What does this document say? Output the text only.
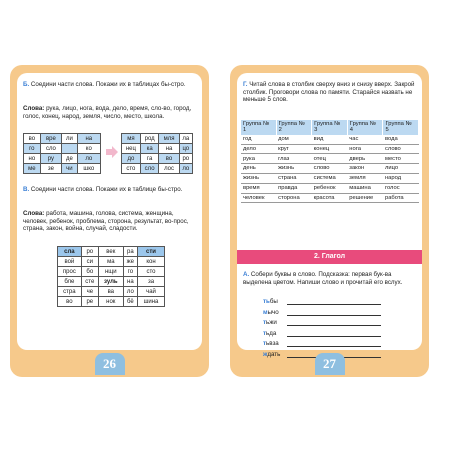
Б. Соедини части слова. Покажи их в таблицах бы-стро.
Слова: рука, лицо, нога, вода, дело, время, сло-во, город, голос, конец, народ, земля, число, место, школа.
во	вре	ли	на
го	сло		ко
но	ру	де	ло
ме	зе	чи	шко
мя	род	мля	ла
нец	ка	на	цо
до	га	во	ро
сто	сло	лос	ло
В. Соедини части слова. Покажи их в таблице бы-стро.
Слова: работа, машина, голова, система, женщина, человек, ребенок, проблема, сторона, результат, во-прос, страна, закон, война, случай, сладости.
сла	ро	век	ра	сти
вой	си	ма	же	кон
прос	бо	нщи	го	сто
бле	сте	зуль	на	за
стра	че	ва	ло	чай
во	ре	нок	бё	шина
26
Г. Читай слова в столбик сверху вниз и снизу вверх. Закрой столбик. Проговори слова по памяти. Старайся назвать не меньше 5 слов.
Группа № 1	Группа № 2	Группа № 3	Группа № 4	Группа № 5
год	дом	вид	час	вода
дело	круг	конец	нога	слово
рука	глаз	отец	дверь	место
день	жизнь	слово	закон	лицо
жизнь	страна	система	земля	народ
время	правда	ребенок	машина	голос
человек	сторона	красота	решение	работа
2. Глагол
А. Собери буквы в слово. Подсказка: первая бук-ва выделена цветом. Напиши слово и прочитай его вслух.
тьбы
мычо
тьжи
тьда
тьвза
ждать
27
